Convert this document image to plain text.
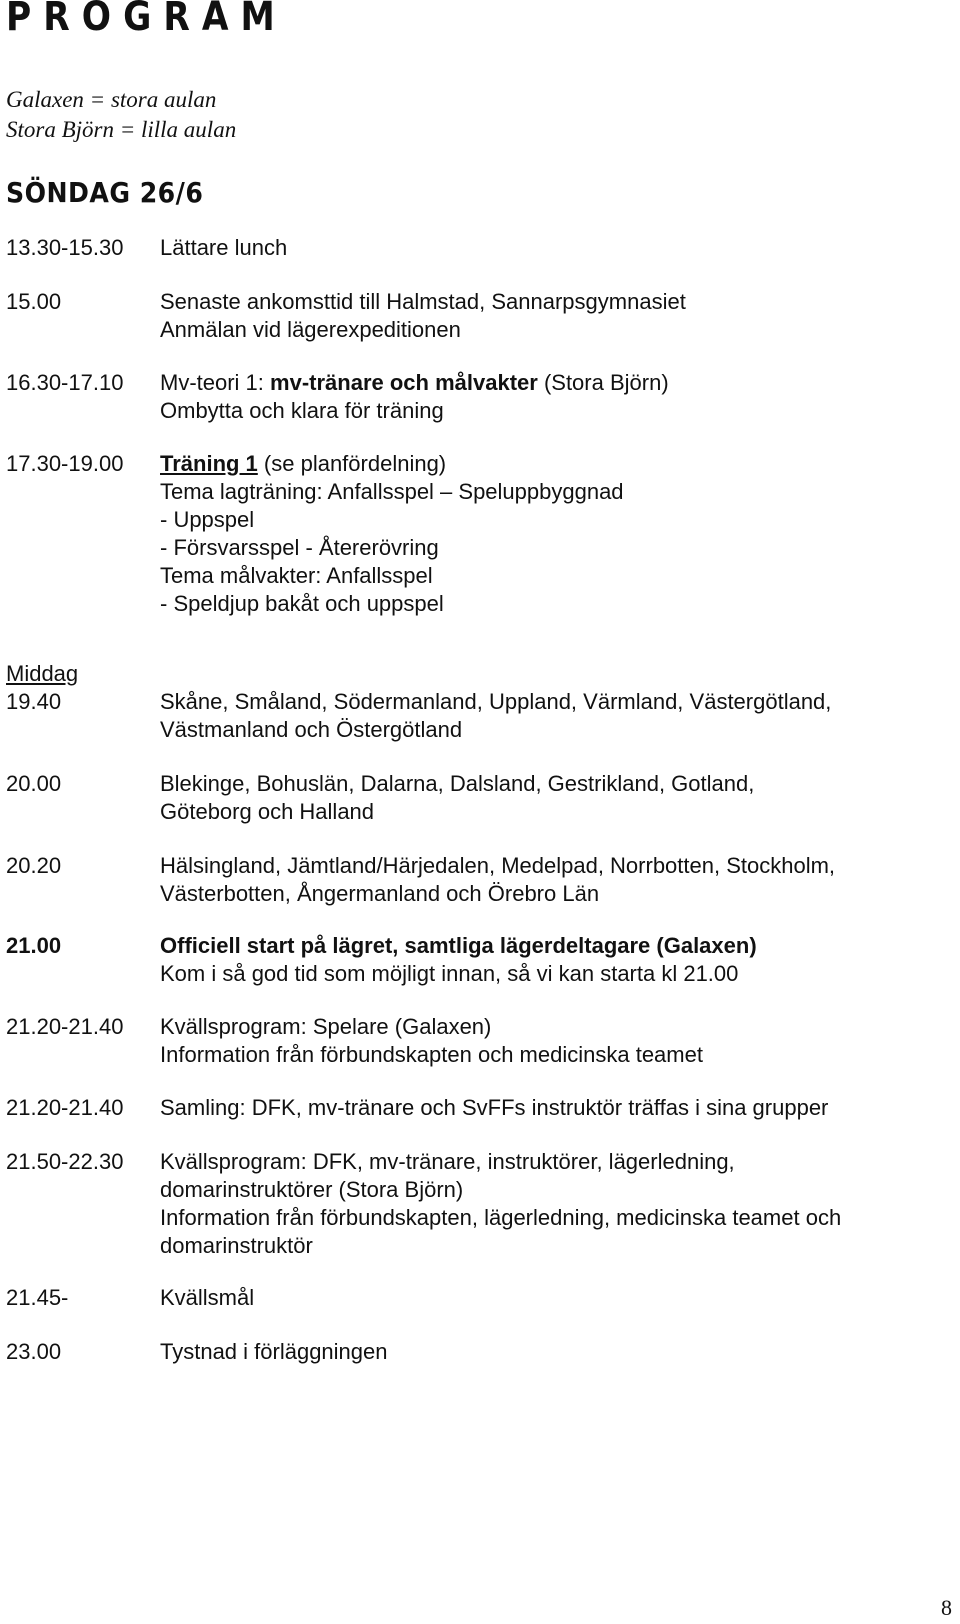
PROGRAM
Galaxen = stora aulan
Stora Björn = lilla aulan
SÖNDAG 26/6
13.30-15.30 Lättare lunch
15.00	Senaste ankomsttid till Halmstad, Sannarpsgymnasiet
Anmälan vid lägerexpeditionen
16.30-17.10 Mv-teori 1: mv-tränare och målvakter (Stora Björn)
Ombytta och klara för träning
17.30-19.00 Träning 1 (se planfördelning)
Tema lagträning: Anfallsspel – Speluppbyggnad
- Uppspel
- Försvarsspel - Återerövring
Tema målvakter: Anfallsspel
- Speldjup bakåt och uppspel
Middag
19.40	Skåne, Småland, Södermanland, Uppland, Värmland, Västergötland,
Västmanland och Östergötland
20.00	Blekinge, Bohuslän, Dalarna, Dalsland, Gestrikland, Gotland,
Göteborg och Halland
20.20	Hälsingland, Jämtland/Härjedalen, Medelpad, Norrbotten, Stockholm,
Västerbotten, Ångermanland och Örebro Län
21.00	Officiell start på lägret, samtliga lägerdeltagare (Galaxen)
Kom i så god tid som möjligt innan, så vi kan starta kl 21.00
21.20-21.40 Kvällsprogram: Spelare (Galaxen)
Information från förbundskapten och medicinska teamet
21.20-21.40 Samling: DFK, mv-tränare och SvFFs instruktör träffas i sina grupper
21.50-22.30 Kvällsprogram: DFK, mv-tränare, instruktörer, lägerledning,
domarinstruktörer (Stora Björn)
Information från förbundskapten, lägerledning, medicinska teamet och
domarinstruktör
21.45-	Kvällsmål
23.00	Tystnad i förläggningen
8
